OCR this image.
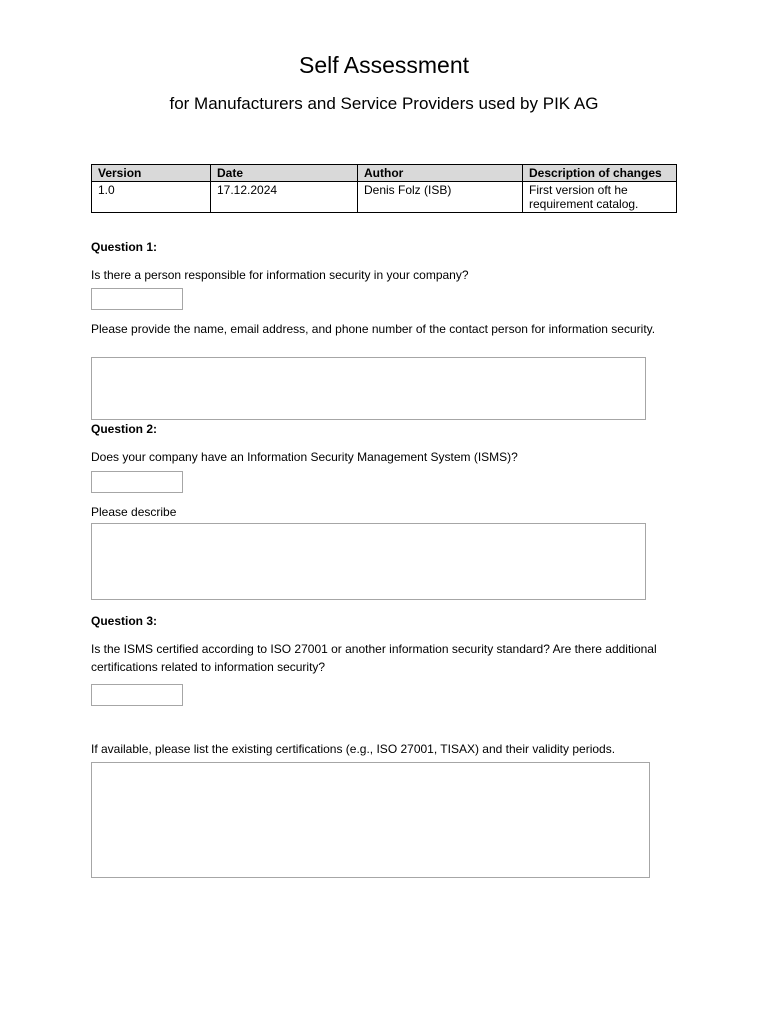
Self Assessment
for Manufacturers and Service Providers used by PIK AG
Version	Date	Author	Description of changes
1.0	17.12.2024	Denis Folz (ISB)	First version oft he requirement catalog.

Question 1:

Is there a person responsible for information security in your company?

Please provide the name, email address, and phone number of the contact person for information security.

Question 2:

Does your company have an Information Security Management System (ISMS)?

Please describe

Question 3:

Is the ISMS certified according to ISO 27001 or another information security standard? Are there additional certifications related to information security?

If available, please list the existing certifications (e.g., ISO 27001, TISAX) and their validity periods.
